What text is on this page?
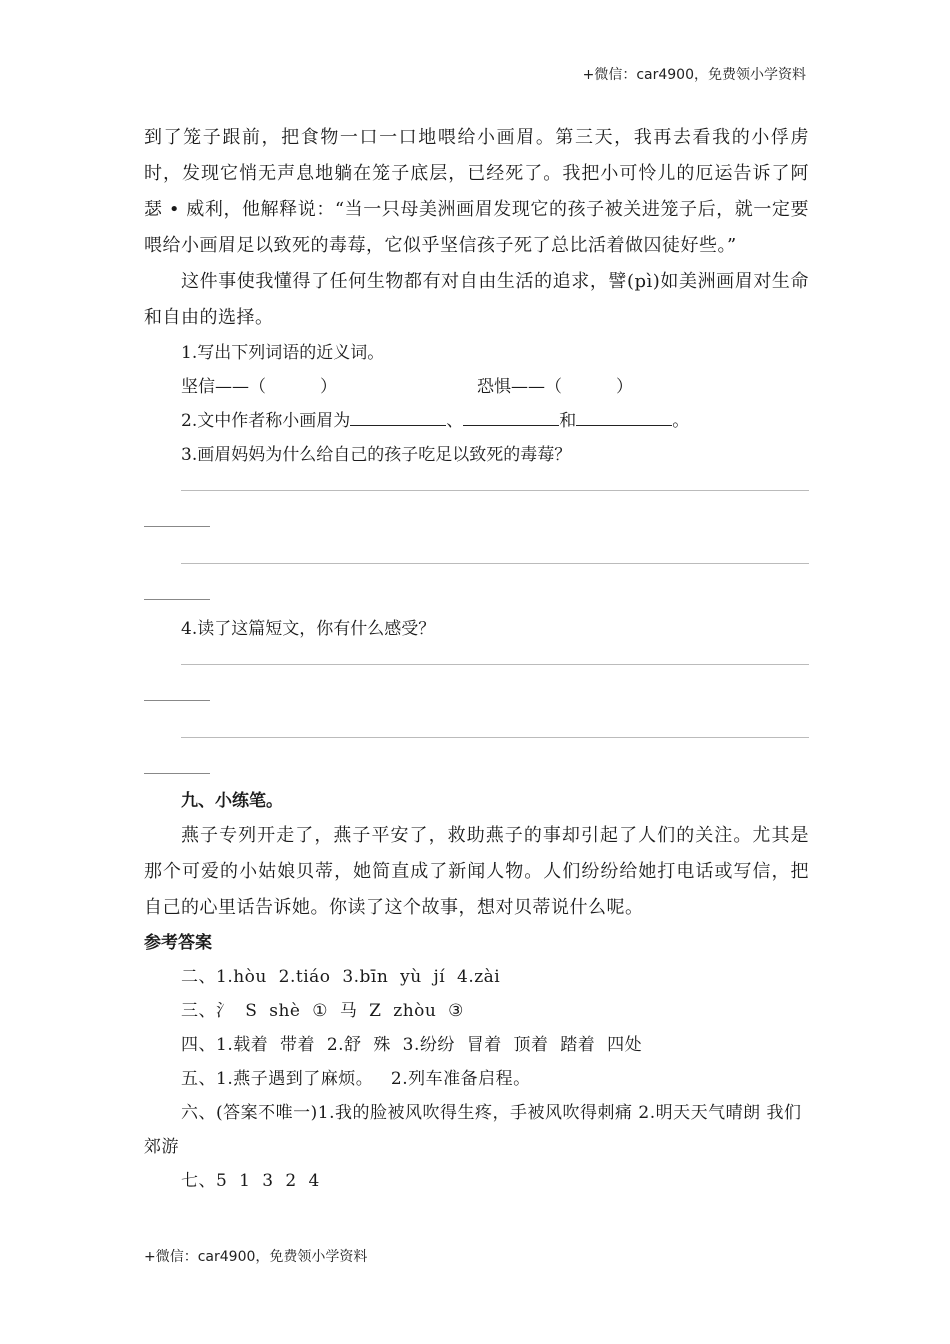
+微信：car4900，免费领小学资料

到了笼子跟前，把食物一口一口地喂给小画眉。第三天，我再去看我的小俘虏时，发现它悄无声息地躺在笼子底层，已经死了。我把小可怜儿的厄运告诉了阿瑟 • 威利，他解释说：“当一只母美洲画眉发现它的孩子被关进笼子后，就一定要喂给小画眉足以致死的毒莓，它似乎坚信孩子死了总比活着做囚徒好些。”

这件事使我懂得了任何生物都有对自由生活的追求，譬(pì)如美洲画眉对生命和自由的选择。

1.写出下列词语的近义词。

坚信——（          ）	恐惧——（          ）

2.文中作者称小画眉为	、	和	。

3.画眉妈妈为什么给自己的孩子吃足以致死的毒莓？

4.读了这篇短文，你有什么感受？

九、小练笔。

燕子专列开走了，燕子平安了，救助燕子的事却引起了人们的关注。尤其是那个可爱的小姑娘贝蒂，她简直成了新闻人物。人们纷纷给她打电话或写信，把自己的心里话告诉她。你读了这个故事，想对贝蒂说什么呢。

参考答案

二、1.hòu  2.tiáo  3.bīn  yù  jí  4.zài

三、氵  S  shè  ①  马  Z  zhòu  ③

四、1.载着  带着  2.舒  殊  3.纷纷  冒着  顶着  踏着  四处

五、1.燕子遇到了麻烦。   2.列车准备启程。

六、(答案不唯一)1.我的脸被风吹得生疼，手被风吹得刺痛 2.明天天气晴朗 我们 郊游

七、5  1  3  2  4

+微信：car4900，免费领小学资料
